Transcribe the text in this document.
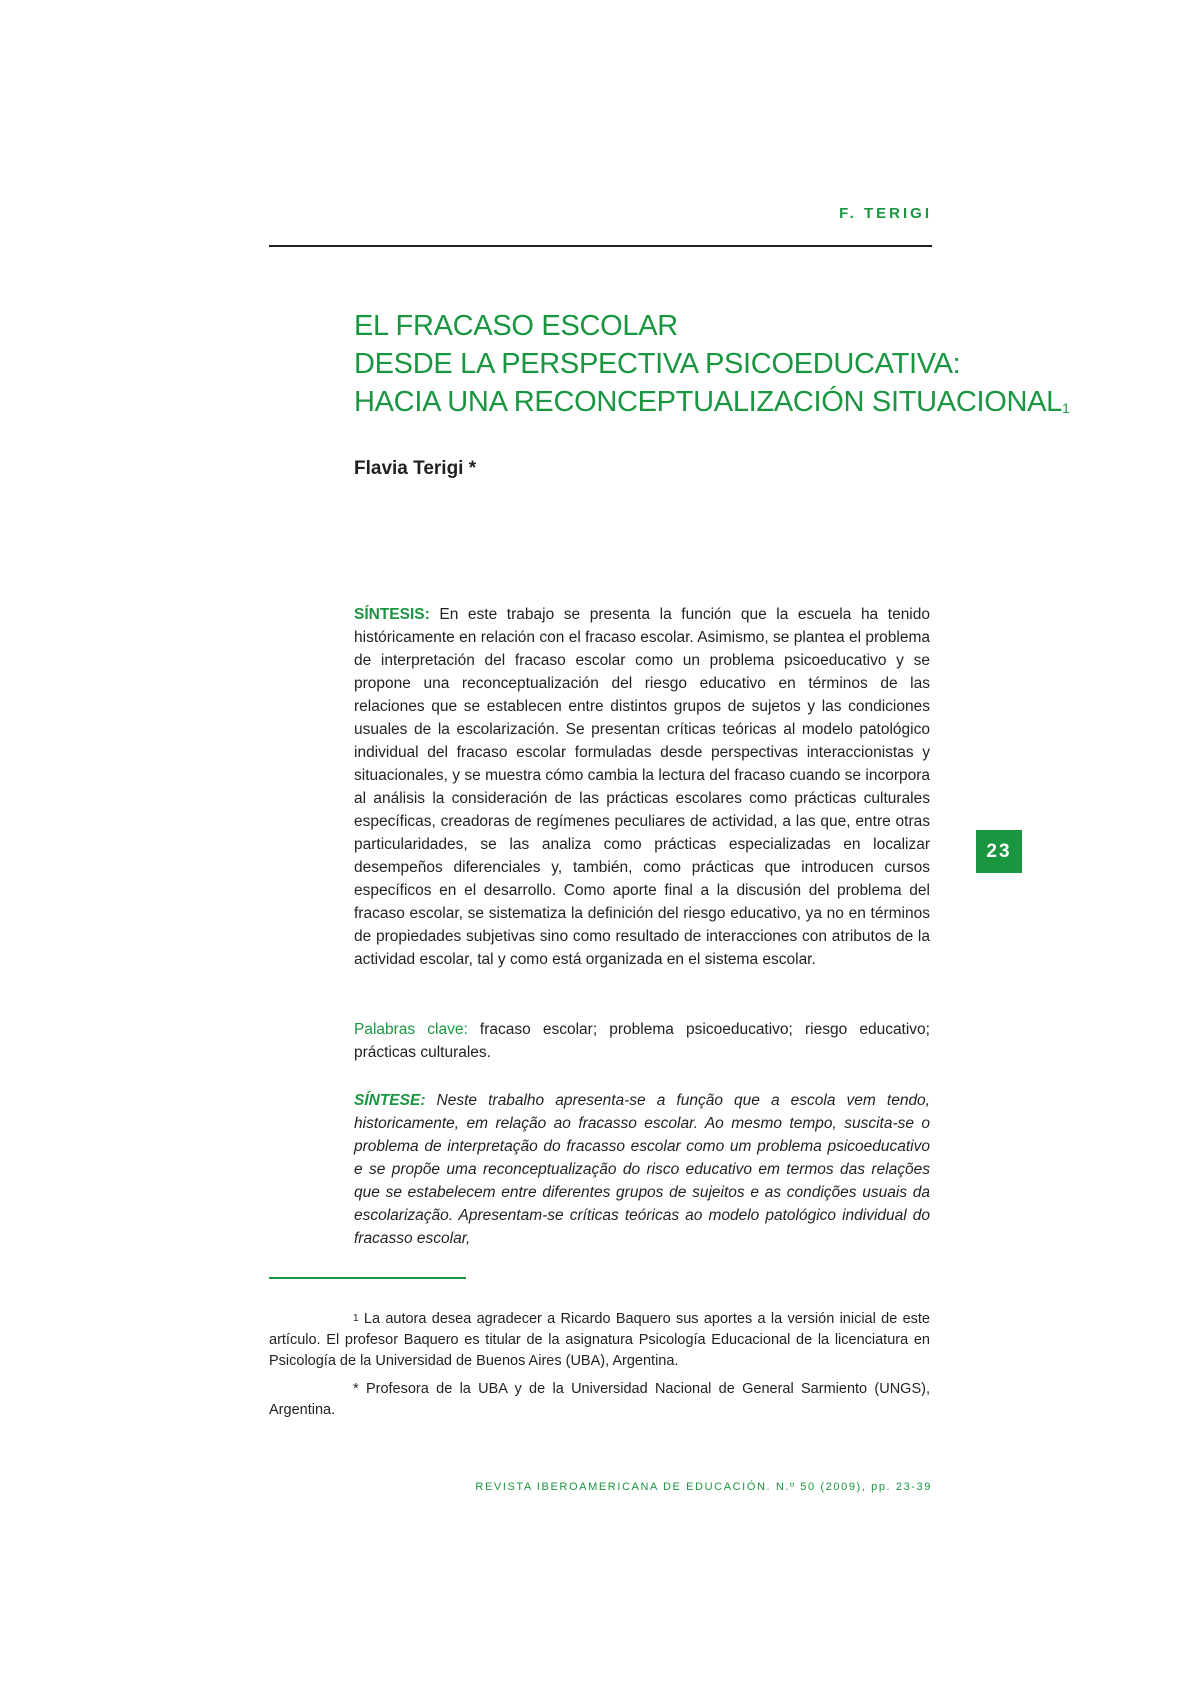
F. TERIGI
EL FRACASO ESCOLAR
DESDE LA PERSPECTIVA PSICOEDUCATIVA:
HACIA UNA RECONCEPTUALIZACIÓN SITUACIONAL$^1$
Flavia Terigi *

SÍNTESIS: En este trabajo se presenta la función que la escuela ha tenido históricamente en relación con el fracaso escolar. Asimismo, se plantea el problema de interpretación del fracaso escolar como un problema psicoeducativo y se propone una reconceptualización del riesgo educativo en términos de las relaciones que se establecen entre distintos grupos de sujetos y las condiciones usuales de la escolarización. Se presentan críticas teóricas al modelo patológico individual del fracaso escolar formuladas desde perspectivas interaccionistas y situacionales, y se muestra cómo cambia la lectura del fracaso cuando se incorpora al análisis la consideración de las prácticas escolares como prácticas culturales específicas, creadoras de regímenes peculiares de actividad, a las que, entre otras particularidades, se las analiza como prácticas especializadas en localizar desempeños diferenciales y, también, como prácticas que introducen cursos específicos en el desarrollo. Como aporte final a la discusión del problema del fracaso escolar, se sistematiza la definición del riesgo educativo, ya no en términos de propiedades subjetivas sino como resultado de interacciones con atributos de la actividad escolar, tal y como está organizada en el sistema escolar.

Palabras clave: fracaso escolar; problema psicoeducativo; riesgo educativo; prácticas culturales.

SÍNTESE: Neste trabalho apresenta-se a função que a escola vem tendo, historicamente, em relação ao fracasso escolar. Ao mesmo tempo, suscita-se o problema de interpretação do fracasso escolar como um problema psicoeducativo e se propõe uma reconceptualização do risco educativo em termos das relações que se estabelecem entre diferentes grupos de sujeitos e as condições usuais da escolarização. Apresentam-se críticas teóricas ao modelo patológico individual do fracasso escolar,

23

$^1$ La autora desea agradecer a Ricardo Baquero sus aportes a la versión inicial de este artículo. El profesor Baquero es titular de la asignatura Psicología Educacional de la licenciatura en Psicología de la Universidad de Buenos Aires (UBA), Argentina.

* Profesora de la UBA y de la Universidad Nacional de General Sarmiento (UNGS), Argentina.

REVISTA IBEROAMERICANA DE EDUCACIÓN. N.º 50 (2009), pp. 23-39
